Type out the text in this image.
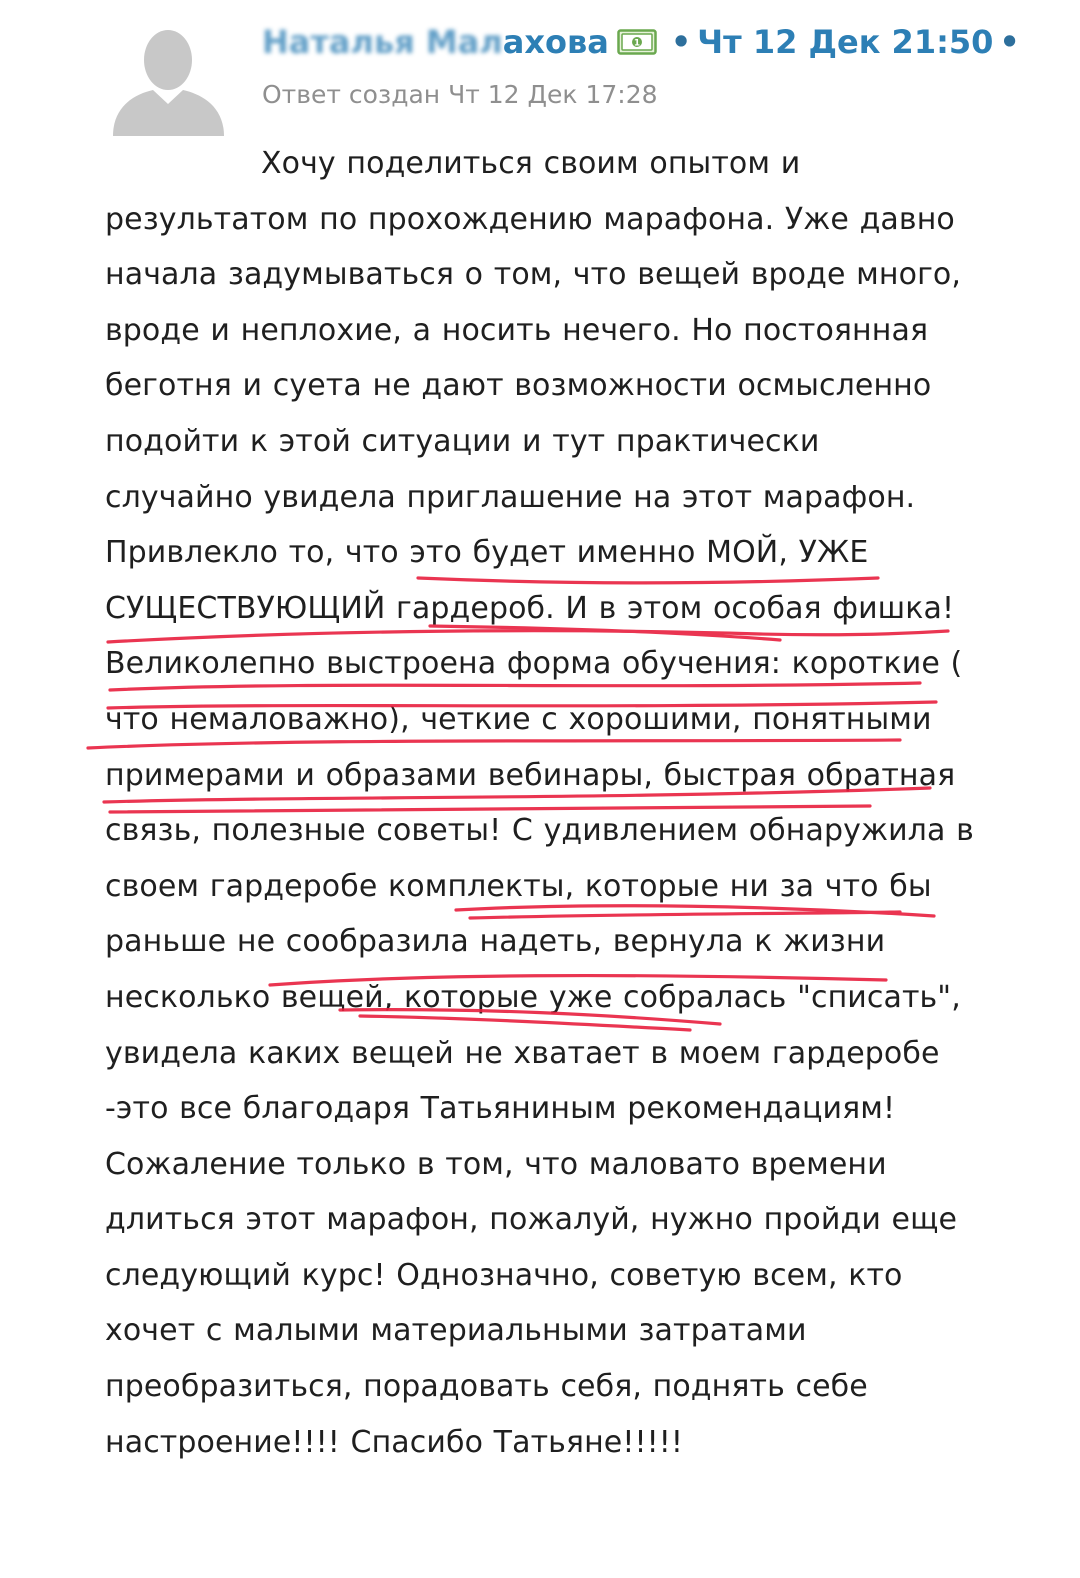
Наталья Малахова	1 • Чт 12 Дек 21:50 •
Ответ создан Чт 12 Дек 17:28
Хочу поделиться своим опытом и результатом по прохождению марафона. Уже давно начала задумываться о том, что вещей вроде много, вроде и неплохие, а носить нечего. Но постоянная беготня и суета не дают возможности осмысленно подойти к этой ситуации и тут практически случайно увидела приглашение на этот марафон. Привлекло то, что это будет именно МОЙ, УЖЕ СУЩЕСТВУЮЩИЙ гардероб. И в этом особая фишка! Великолепно выстроена форма обучения: короткие ( что немаловажно), четкие с хорошими, понятными примерами и образами вебинары, быстрая обратная связь, полезные советы! С удивлением обнаружила в своем гардеробе комплекты, которые ни за что бы раньше не сообразила надеть, вернула к жизни несколько вещей, которые уже собралась "списать", увидела каких вещей не хватает в моем гардеробе -это все благодаря Татьяниным рекомендациям! Сожаление только в том, что маловато времени длиться этот марафон, пожалуй, нужно пройди еще следующий курс! Однозначно, советую всем, кто хочет с малыми материальными затратами преобразиться, порадовать себя, поднять себе настроение!!!! Спасибо Татьяне!!!!!
